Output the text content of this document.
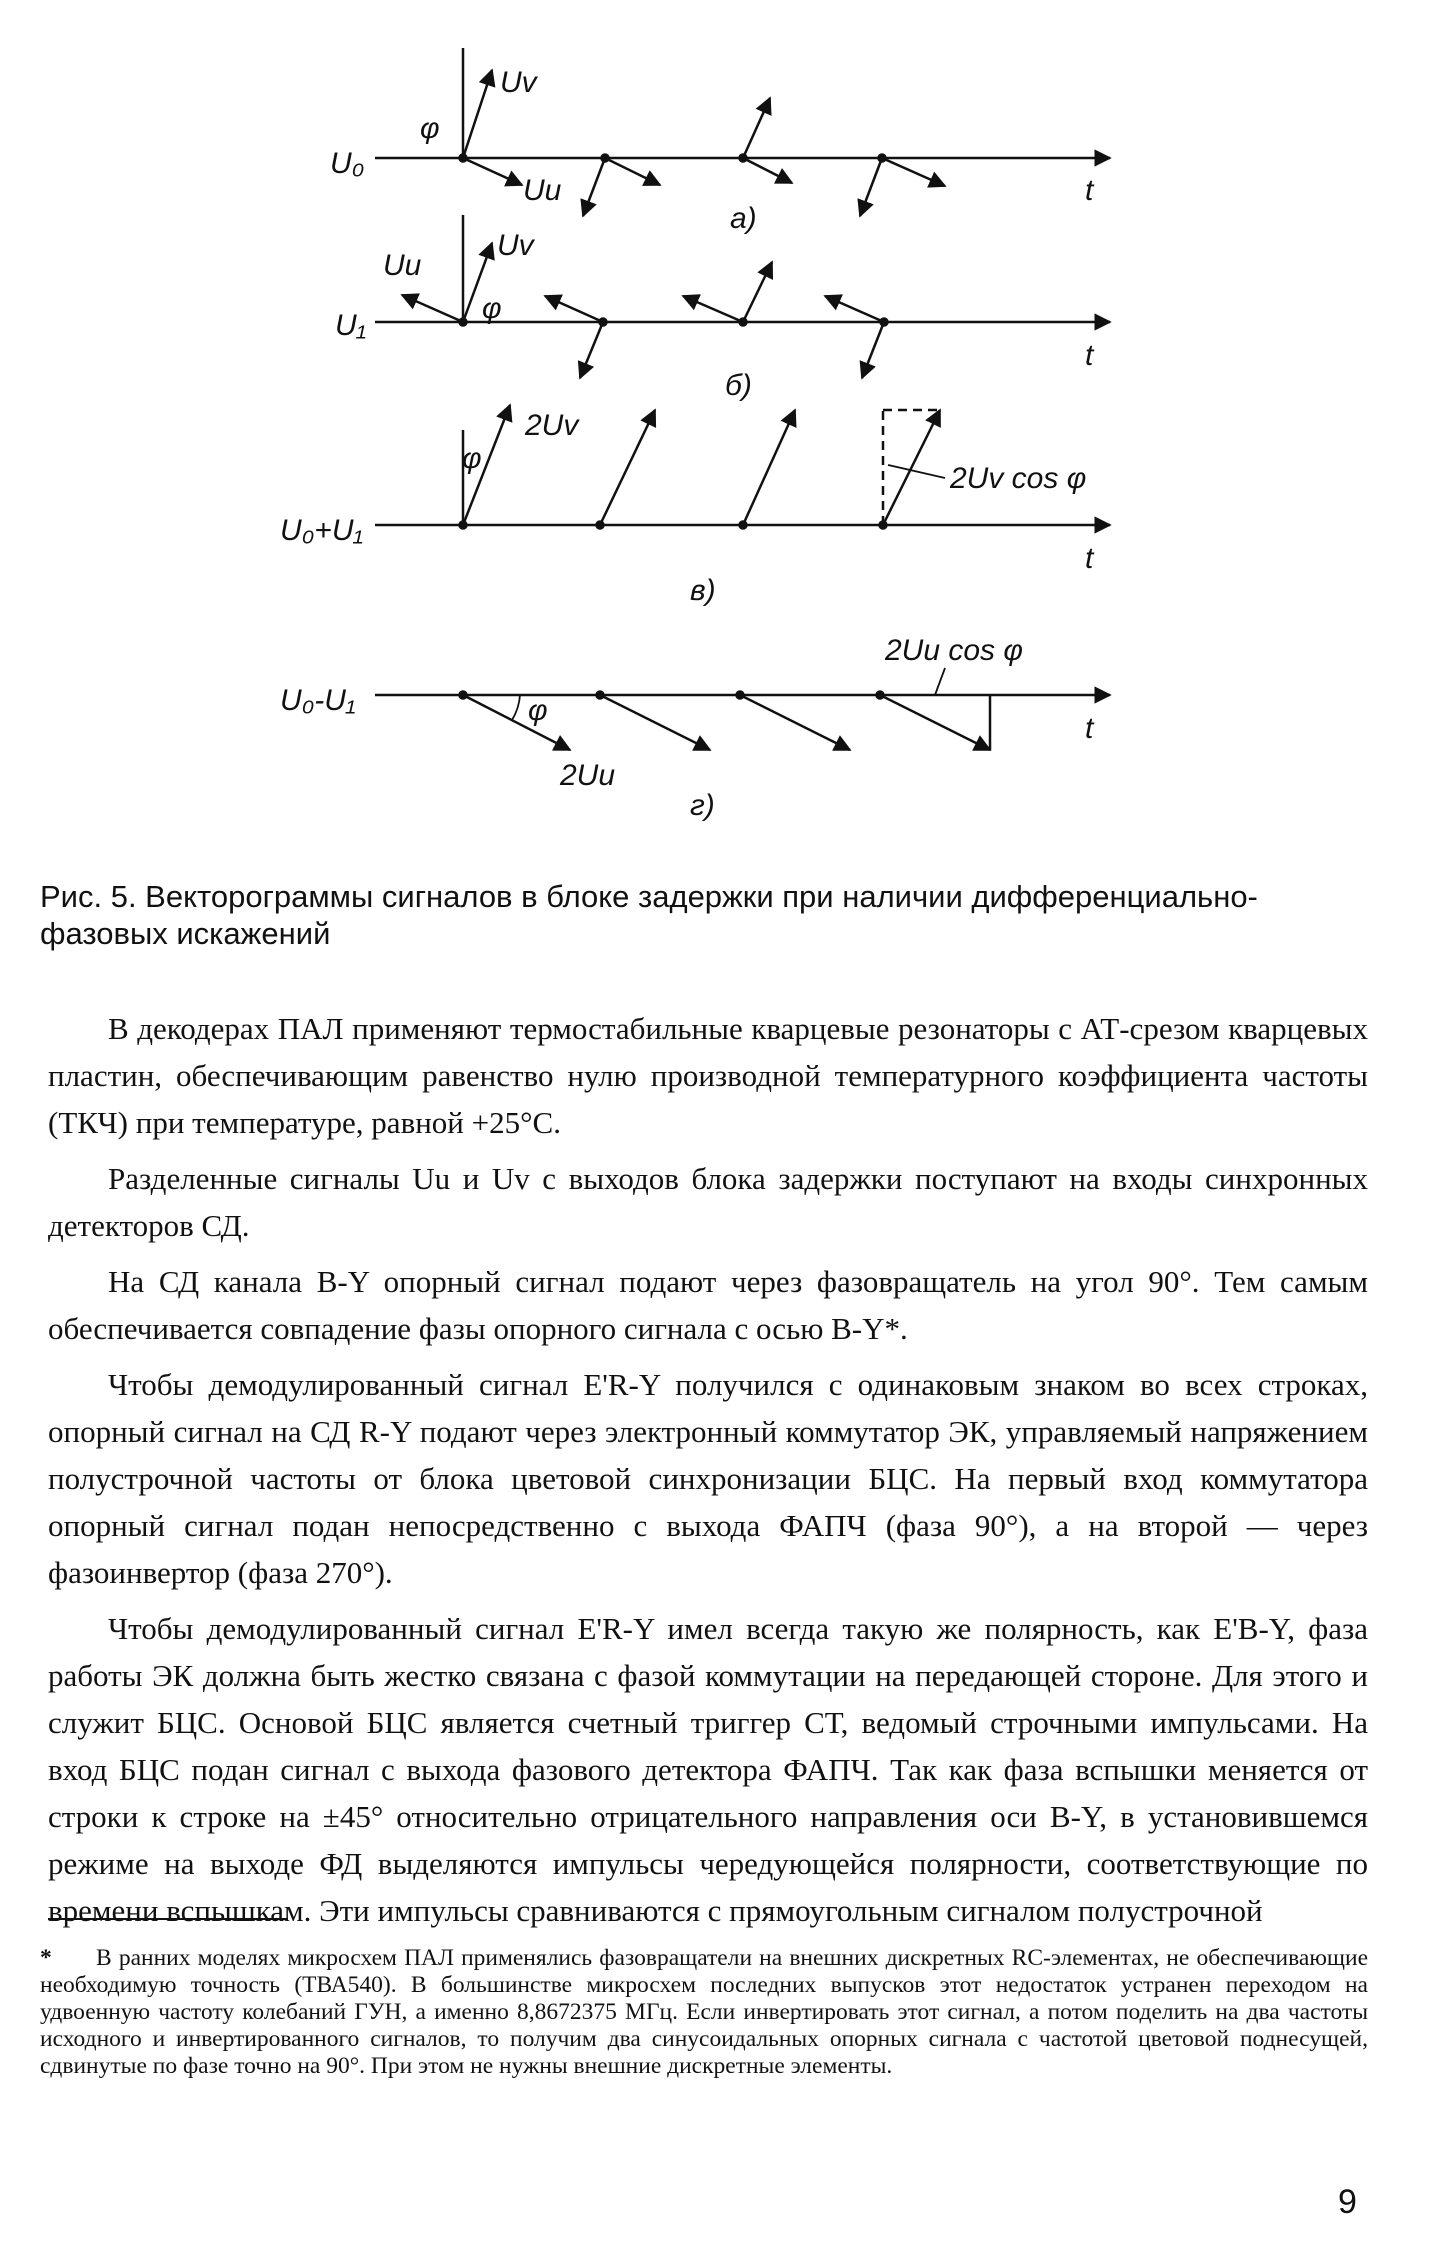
U₀
φ
Uv
Uu
а)
t
U₁
φ
Uv
Uu
б)
t
U₀+U₁
φ
2Uv
2Uv cos φ
в)
t
U₀-U₁	φ
2Uu
2Uu cos φ
г)
t
Рис. 5. Векторограммы сигналов в блоке задержки при наличии дифференциально-фазовых искажений

В декодерах ПАЛ применяют термостабильные кварцевые резонаторы с АТ-срезом кварцевых пластин, обеспечивающим равенство нулю производной температурного коэффициента частоты (ТКЧ) при температуре, равной +25°С.

Разделенные сигналы Uu и Uv с выходов блока задержки поступают на входы синхронных детекторов СД.

На СД канала B-Y опорный сигнал подают через фазовращатель на угол 90°. Тем самым обеспечивается совпадение фазы опорного сигнала с осью B-Y*.

Чтобы демодулированный сигнал E'R-Y получился с одинаковым знаком во всех строках, опорный сигнал на СД R-Y подают через электронный коммутатор ЭК, управляемый напряжением полустрочной частоты от блока цветовой синхронизации БЦС. На первый вход коммутатора опорный сигнал подан непосредственно с выхода ФАПЧ (фаза 90°), а на второй — через фазоинвертор (фаза 270°).

Чтобы демодулированный сигнал E'R-Y имел всегда такую же полярность, как E'B-Y, фаза работы ЭК должна быть жестко связана с фазой коммутации на передающей стороне. Для этого и служит БЦС. Основой БЦС является счетный триггер СТ, ведомый строчными импульсами. На вход БЦС подан сигнал с выхода фазового детектора ФАПЧ. Так как фаза вспышки меняется от строки к строке на ±45° относительно отрицательного направления оси B-Y, в установившемся режиме на выходе ФД выделяются импульсы чередующейся полярности, соответствующие по времени вспышкам. Эти импульсы сравниваются с прямоугольным сигналом полустрочной

* В ранних моделях микросхем ПАЛ применялись фазовращатели на внешних дискретных RC-элементах, не обеспечивающие необходимую точность (ТВА540). В большинстве микросхем последних выпусков этот недостаток устранен переходом на удвоенную частоту колебаний ГУН, а именно 8,8672375 МГц. Если инвертировать этот сигнал, а потом поделить на два частоты исходного и инвертированного сигналов, то получим два синусоидальных опорных сигнала с частотой цветовой поднесущей, сдвинутые по фазе точно на 90°. При этом не нужны внешние дискретные элементы.
9
